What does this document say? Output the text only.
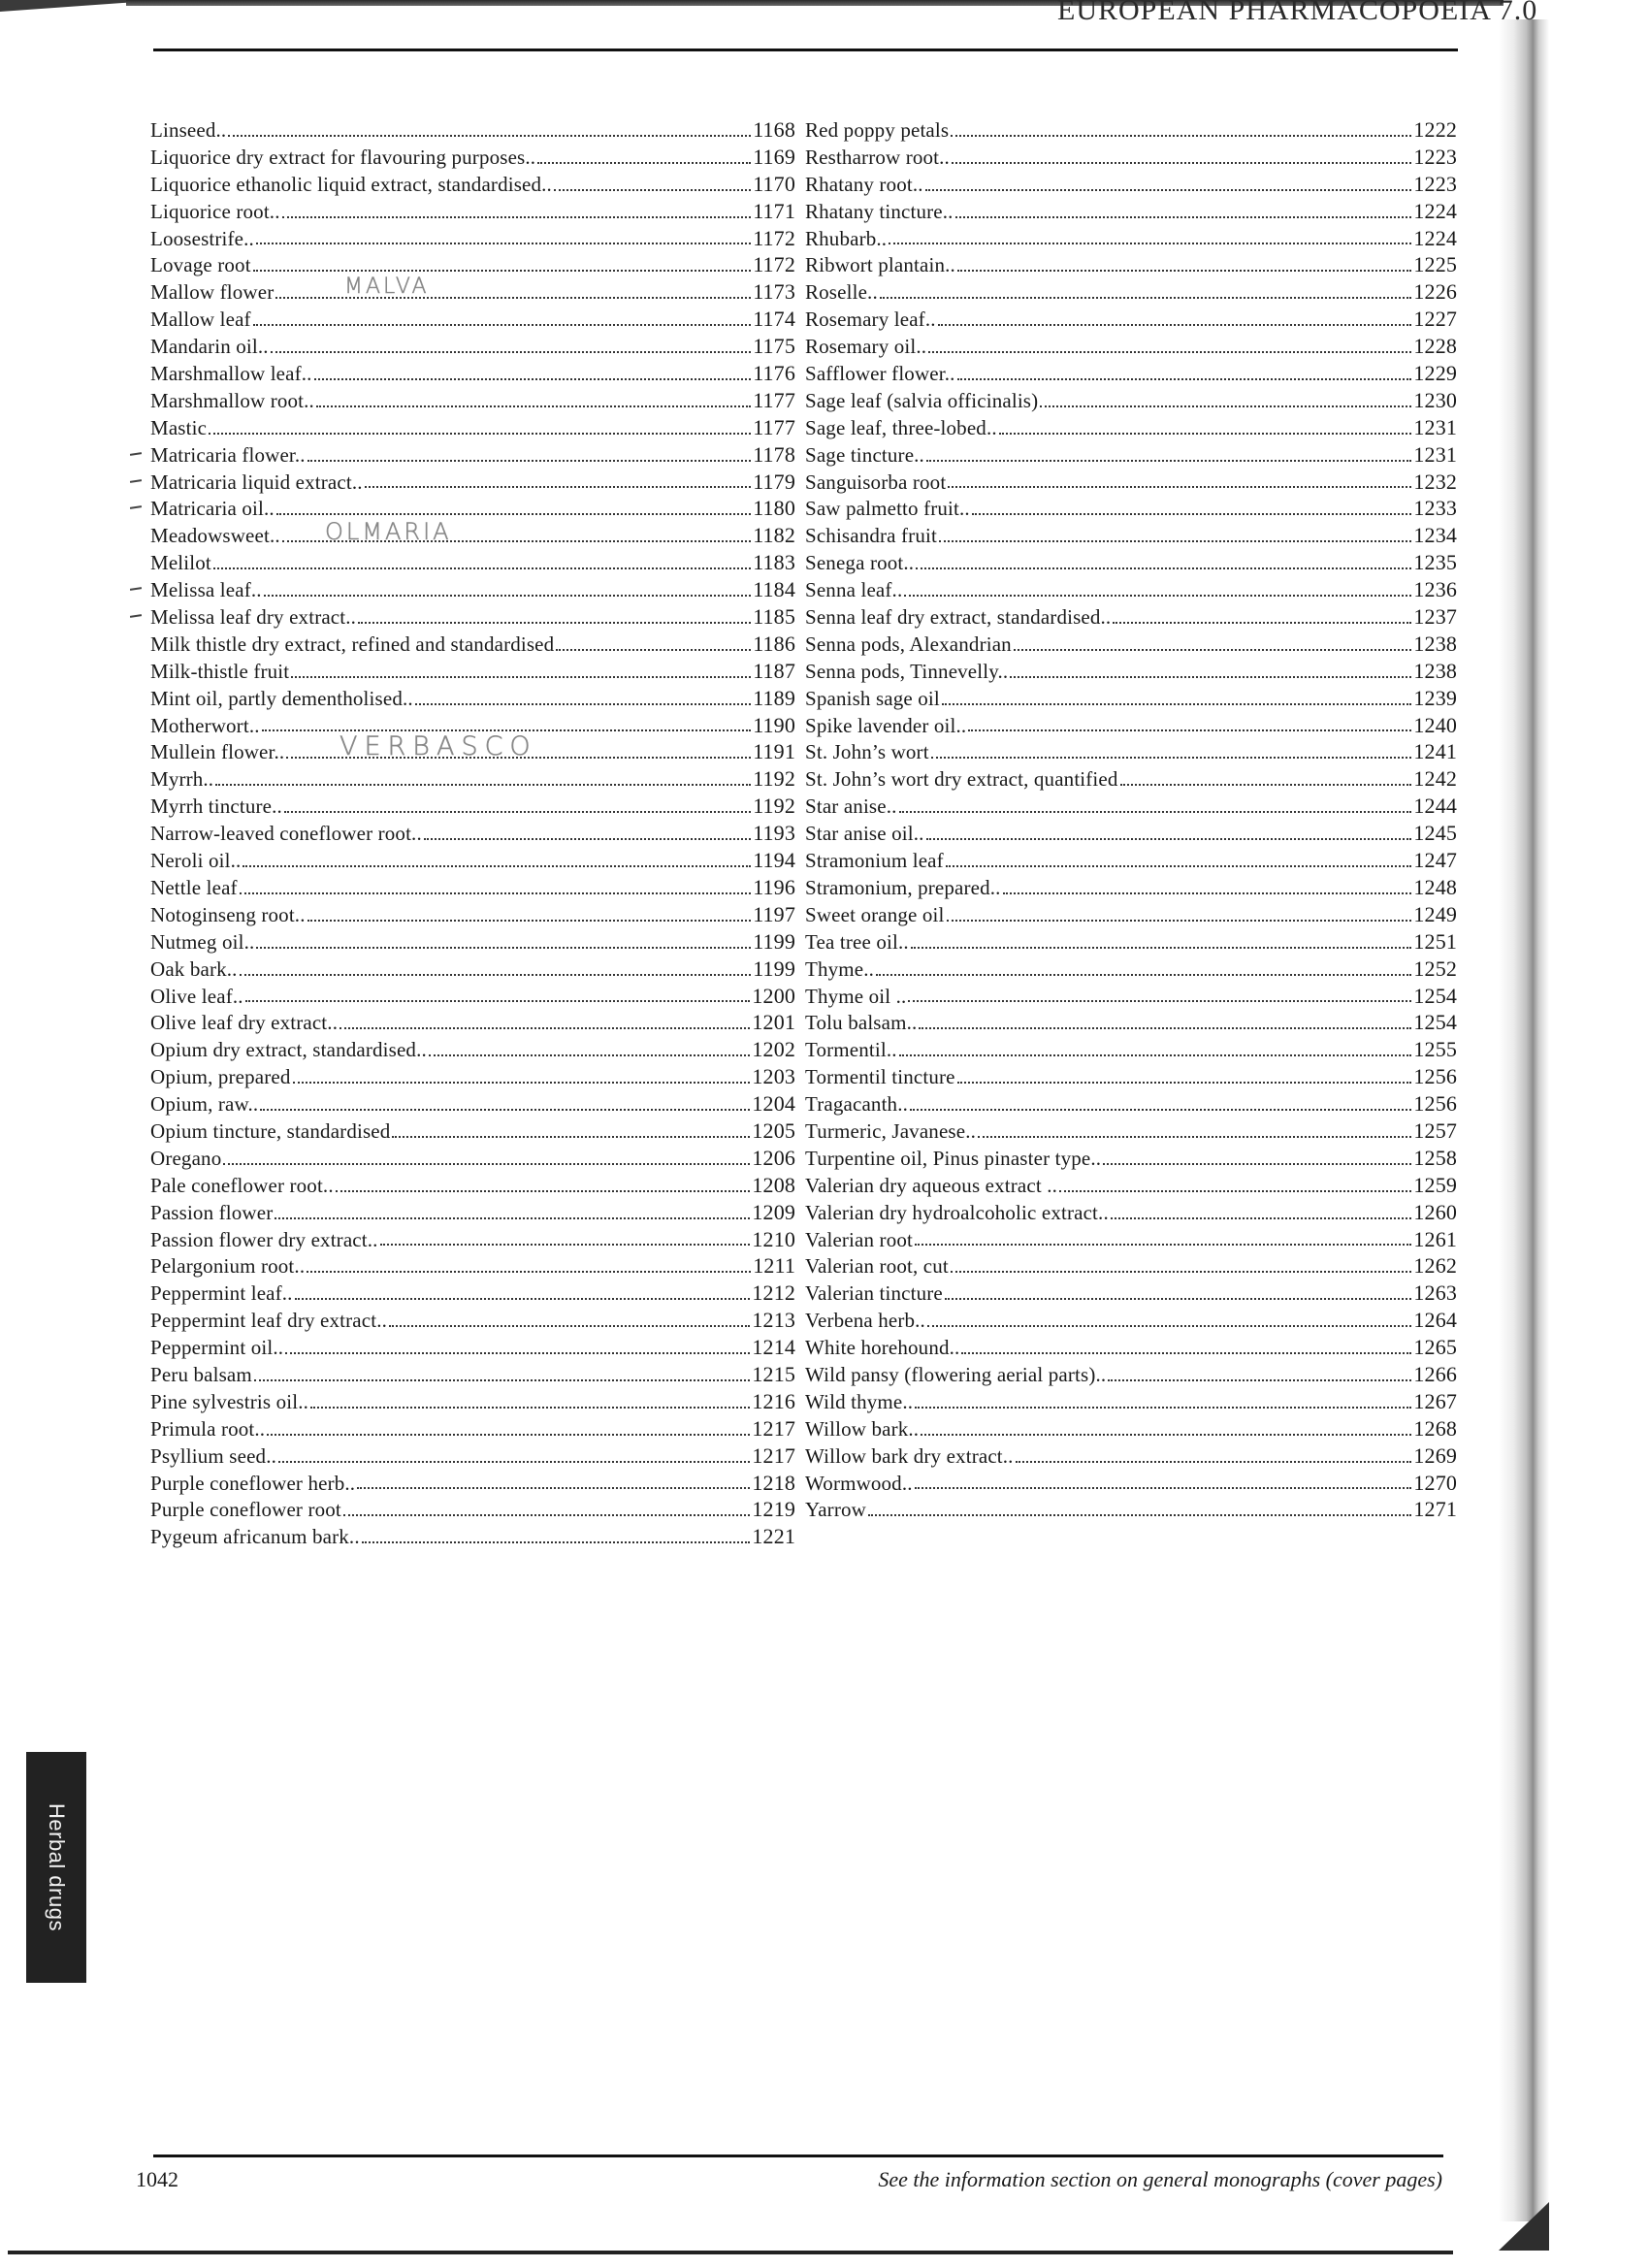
EUROPEAN PHARMACOPOEIA 7.0
Linseed..	1168
Liquorice dry extract for flavouring purposes..	1169
Liquorice ethanolic liquid extract, standardised..	1170
Liquorice root..	1171
Loosestrife..	1172
Lovage root	1172
Mallow flower	1173
Mallow leaf	1174
Mandarin oil..	1175
Marshmallow leaf..	1176
Marshmallow root..	1177
Mastic	1177
Matricaria flower..	1178
Matricaria liquid extract..	1179
Matricaria oil..	1180
Meadowsweet..	1182
Melilot	1183
Melissa leaf..	1184
Melissa leaf dry extract..	1185
Milk thistle dry extract, refined and standardised	1186
Milk-thistle fruit	1187
Mint oil, partly dementholised..	1189
Motherwort..	1190
Mullein flower..	1191
Myrrh..	1192
Myrrh tincture..	1192
Narrow-leaved coneflower root..	1193
Neroli oil..	1194
Nettle leaf	1196
Notoginseng root..	1197
Nutmeg oil..	1199
Oak bark..	1199
Olive leaf..	1200
Olive leaf dry extract..	1201
Opium dry extract, standardised..	1202
Opium, prepared	1203
Opium, raw..	1204
Opium tincture, standardised	1205
Oregano	1206
Pale coneflower root..	1208
Passion flower	1209
Passion flower dry extract..	1210
Pelargonium root..	1211
Peppermint leaf..	1212
Peppermint leaf dry extract..	1213
Peppermint oil..	1214
Peru balsam	1215
Pine sylvestris oil..	1216
Primula root..	1217
Psyllium seed..	1217
Purple coneflower herb..	1218
Purple coneflower root	1219
Pygeum africanum bark..	1221
Red poppy petals	1222
Restharrow root..	1223
Rhatany root..	1223
Rhatany tincture..	1224
Rhubarb..	1224
Ribwort plantain..	1225
Roselle..	1226
Rosemary leaf..	1227
Rosemary oil..	1228
Safflower flower..	1229
Sage leaf (salvia officinalis)	1230
Sage leaf, three-lobed..	1231
Sage tincture..	1231
Sanguisorba root	1232
Saw palmetto fruit..	1233
Schisandra fruit	1234
Senega root..	1235
Senna leaf..	1236
Senna leaf dry extract, standardised..	1237
Senna pods, Alexandrian	1238
Senna pods, Tinnevelly..	1238
Spanish sage oil	1239
Spike lavender oil..	1240
St. John’s wort	1241
St. John’s wort dry extract, quantified	1242
Star anise..	1244
Star anise oil..	1245
Stramonium leaf	1247
Stramonium, prepared..	1248
Sweet orange oil	1249
Tea tree oil..	1251
Thyme..	1252
Thyme oil ..	1254
Tolu balsam..	1254
Tormentil..	1255
Tormentil tincture	1256
Tragacanth..	1256
Turmeric, Javanese..	1257
Turpentine oil, Pinus pinaster type..	1258
Valerian dry aqueous extract ..	1259
Valerian dry hydroalcoholic extract..	1260
Valerian root	1261
Valerian root, cut	1262
Valerian tincture	1263
Verbena herb..	1264
White horehound..	1265
Wild pansy (flowering aerial parts)..	1266
Wild thyme..	1267
Willow bark..	1268
Willow bark dry extract..	1269
Wormwood..	1270
Yarrow	1271
MALVA
OLMARIA
VERBASCO
Herbal drugs
1042	See the information section on general monographs (cover pages)
